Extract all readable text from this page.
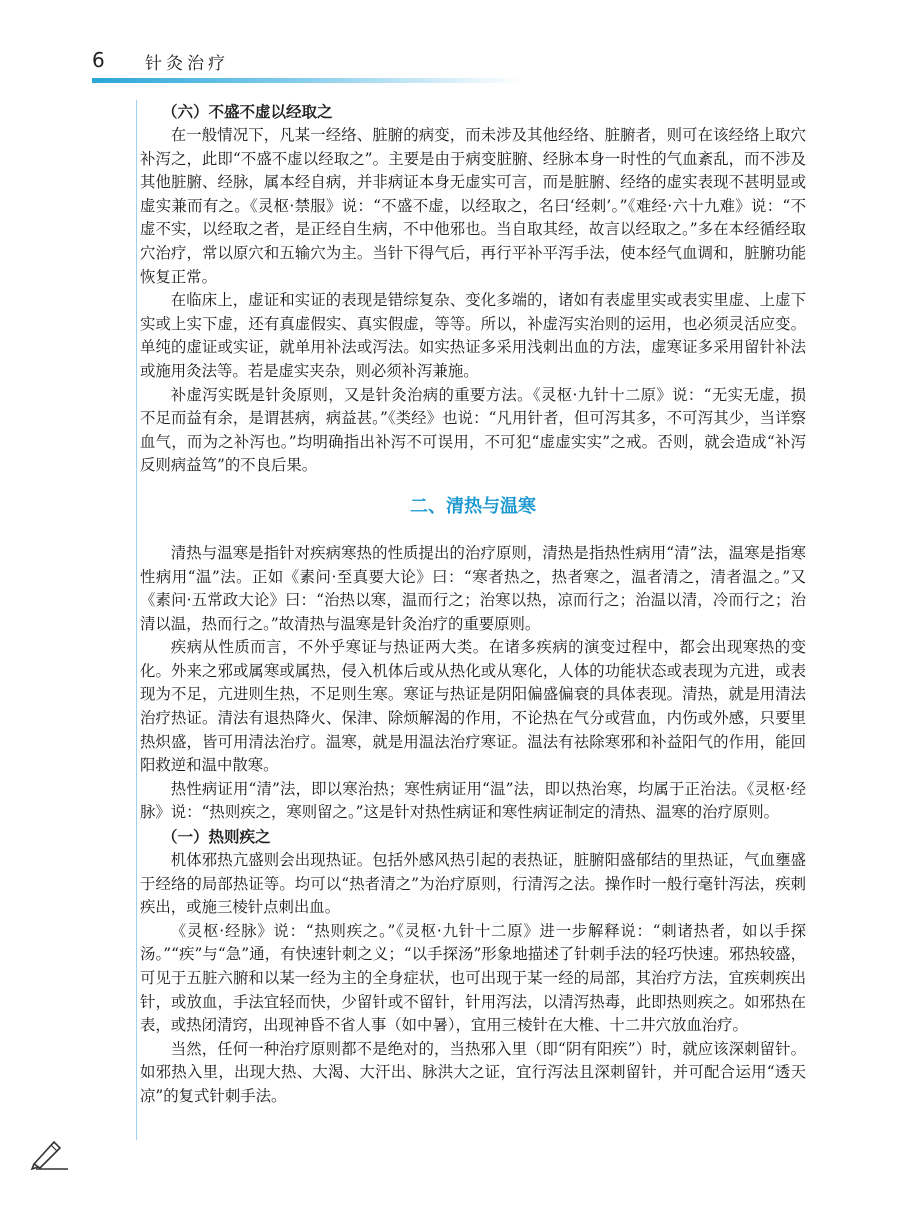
6 针灸治疗
（六）不盛不虚以经取之

在一般情况下，凡某一经络、脏腑的病变，而未涉及其他经络、脏腑者，则可在该经络上取穴补泻之，此即“不盛不虚以经取之”。主要是由于病变脏腑、经脉本身一时性的气血紊乱，而不涉及其他脏腑、经脉，属本经自病，并非病证本身无虚实可言，而是脏腑、经络的虚实表现不甚明显或虚实兼而有之。《灵枢·禁服》说：“不盛不虚，以经取之，名曰‘经刺’。”《难经·六十九难》说：“不虚不实，以经取之者，是正经自生病，不中他邪也。当自取其经，故言以经取之。”多在本经循经取穴治疗，常以原穴和五输穴为主。当针下得气后，再行平补平泻手法，使本经气血调和，脏腑功能恢复正常。

在临床上，虚证和实证的表现是错综复杂、变化多端的，诸如有表虚里实或表实里虚、上虚下实或上实下虚，还有真虚假实、真实假虚，等等。所以，补虚泻实治则的运用，也必须灵活应变。单纯的虚证或实证，就单用补法或泻法。如实热证多采用浅刺出血的方法，虚寒证多采用留针补法或施用灸法等。若是虚实夹杂，则必须补泻兼施。

补虚泻实既是针灸原则，又是针灸治病的重要方法。《灵枢·九针十二原》说：“无实无虚，损不足而益有余，是谓甚病，病益甚。”《类经》也说：“凡用针者，但可泻其多，不可泻其少，当详察血气，而为之补泻也。”均明确指出补泻不可误用，不可犯“虚虚实实”之戒。否则，就会造成“补泻反则病益笃”的不良后果。

二、清热与温寒

清热与温寒是指针对疾病寒热的性质提出的治疗原则，清热是指热性病用“清”法，温寒是指寒性病用“温”法。正如《素问·至真要大论》曰：“寒者热之，热者寒之，温者清之，清者温之。”又《素问·五常政大论》曰：“治热以寒，温而行之；治寒以热，凉而行之；治温以清，冷而行之；治清以温，热而行之。”故清热与温寒是针灸治疗的重要原则。

疾病从性质而言，不外乎寒证与热证两大类。在诸多疾病的演变过程中，都会出现寒热的变化。外来之邪或属寒或属热，侵入机体后或从热化或从寒化，人体的功能状态或表现为亢进，或表现为不足，亢进则生热，不足则生寒。寒证与热证是阴阳偏盛偏衰的具体表现。清热，就是用清法治疗热证。清法有退热降火、保津、除烦解渴的作用，不论热在气分或营血，内伤或外感，只要里热炽盛，皆可用清法治疗。温寒，就是用温法治疗寒证。温法有祛除寒邪和补益阳气的作用，能回阳救逆和温中散寒。

热性病证用“清”法，即以寒治热；寒性病证用“温”法，即以热治寒，均属于正治法。《灵枢·经脉》说：“热则疾之，寒则留之。”这是针对热性病证和寒性病证制定的清热、温寒的治疗原则。

（一）热则疾之

机体邪热亢盛则会出现热证。包括外感风热引起的表热证，脏腑阳盛郁结的里热证，气血壅盛于经络的局部热证等。均可以“热者清之”为治疗原则，行清泻之法。操作时一般行毫针泻法，疾刺疾出，或施三棱针点刺出血。

《灵枢·经脉》说：“热则疾之。”《灵枢·九针十二原》进一步解释说：“刺诸热者，如以手探汤。”“疾”与“急”通，有快速针刺之义；“以手探汤”形象地描述了针刺手法的轻巧快速。邪热较盛，可见于五脏六腑和以某一经为主的全身症状，也可出现于某一经的局部，其治疗方法，宜疾刺疾出针，或放血，手法宜轻而快，少留针或不留针，针用泻法，以清泻热毒，此即热则疾之。如邪热在表，或热闭清窍，出现神昏不省人事（如中暑），宜用三棱针在大椎、十二井穴放血治疗。

当然，任何一种治疗原则都不是绝对的，当热邪入里（即“阴有阳疾”）时，就应该深刺留针。如邪热入里，出现大热、大渴、大汗出、脉洪大之证，宜行泻法且深刺留针，并可配合运用“透天凉”的复式针刺手法。
